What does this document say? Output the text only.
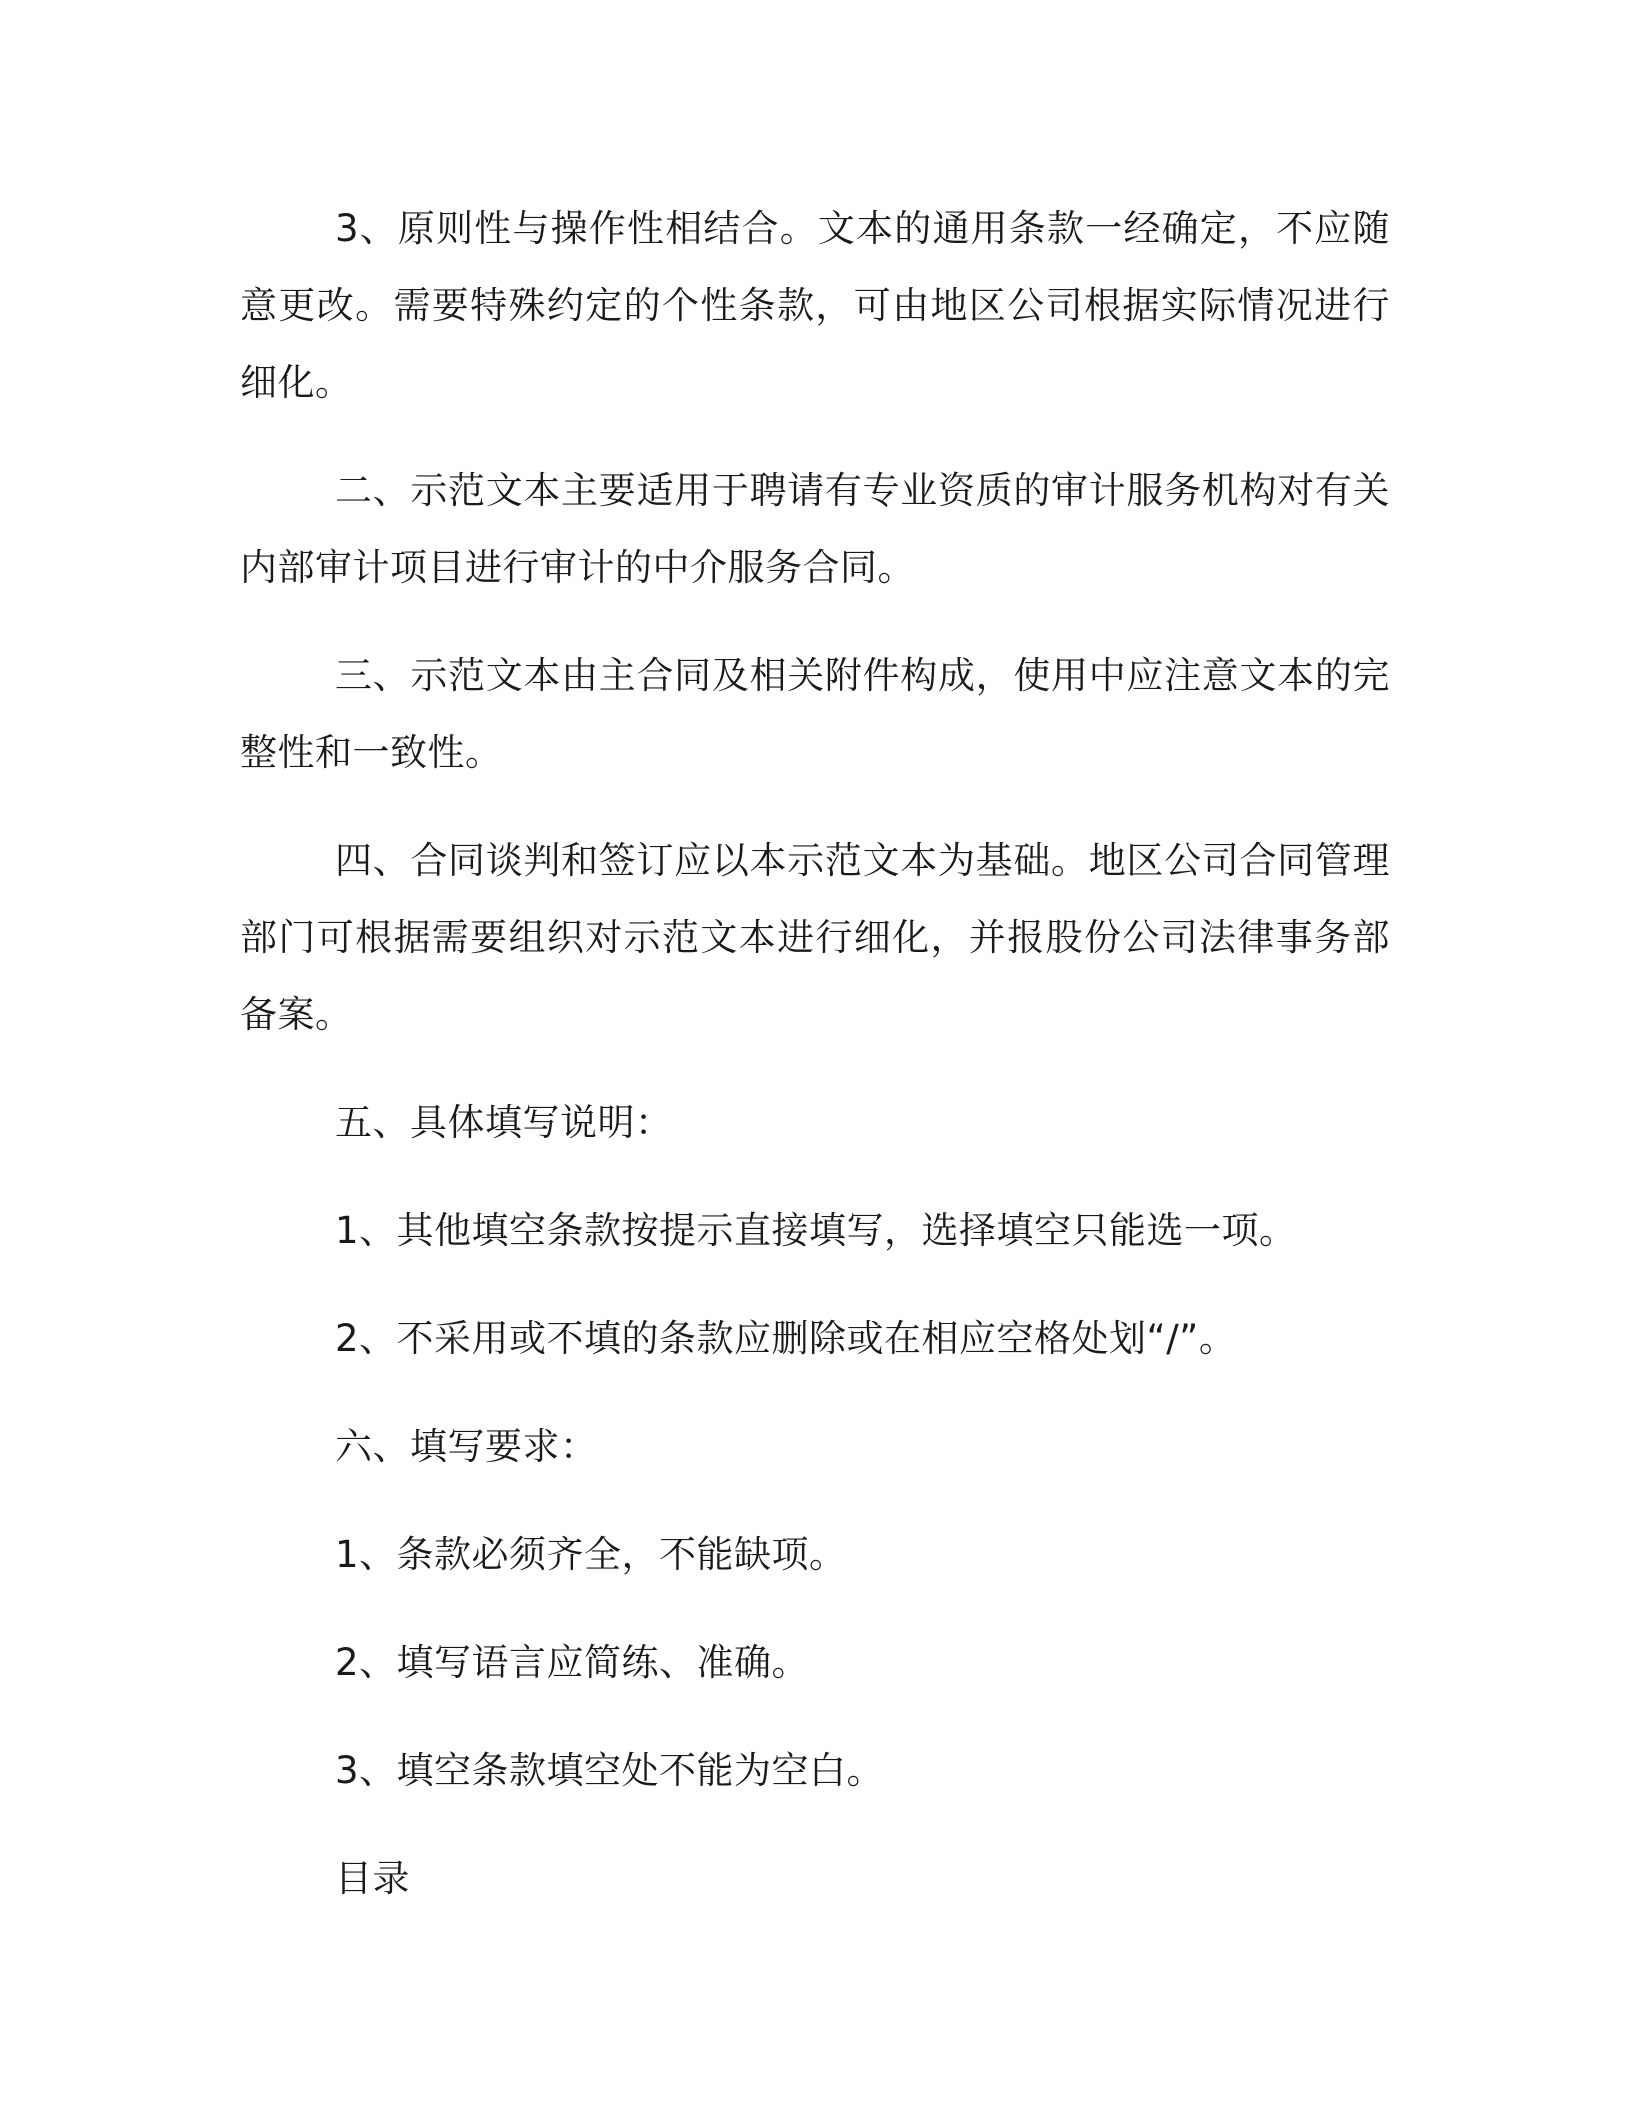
3、原则性与操作性相结合。文本的通用条款一经确定，不应随意更改。需要特殊约定的个性条款，可由地区公司根据实际情况进行细化。

二、示范文本主要适用于聘请有专业资质的审计服务机构对有关内部审计项目进行审计的中介服务合同。

三、示范文本由主合同及相关附件构成，使用中应注意文本的完整性和一致性。

四、合同谈判和签订应以本示范文本为基础。地区公司合同管理部门可根据需要组织对示范文本进行细化，并报股份公司法律事务部备案。

五、具体填写说明：

1、其他填空条款按提示直接填写，选择填空只能选一项。

2、不采用或不填的条款应删除或在相应空格处划“/”。

六、填写要求：

1、条款必须齐全，不能缺项。

2、填写语言应简练、准确。

3、填空条款填空处不能为空白。

目录
